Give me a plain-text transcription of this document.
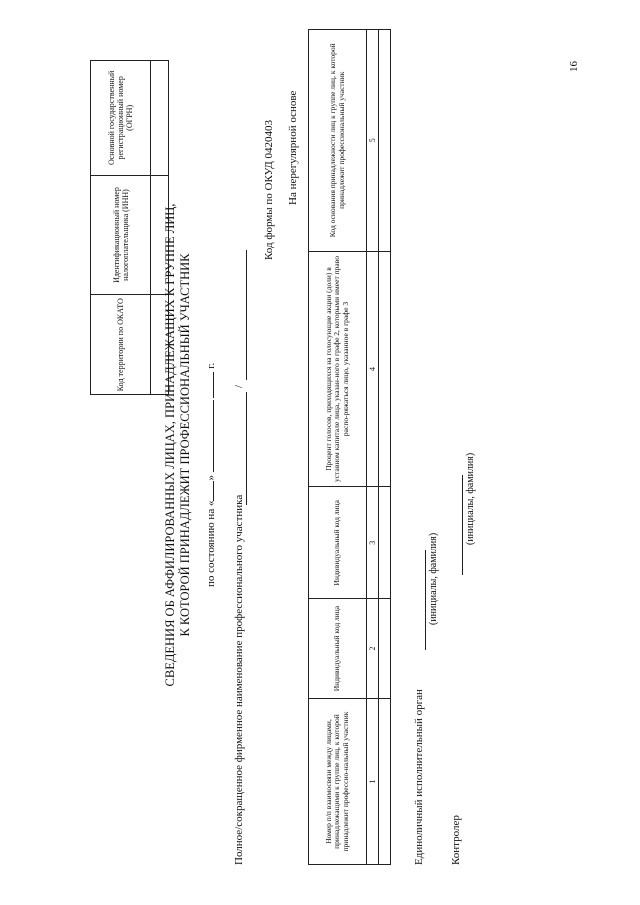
Код территории по ОКАТО	Идентификационный номер налогоплательщика (ИНН)	Основной государственный регистрационный номер (ОГРН)

СВЕДЕНИЯ ОБ АФФИЛИРОВАННЫХ ЛИЦАХ, ПРИНАДЛЕЖАЩИХ К ГРУППЕ ЛИЦ, К КОТОРОЙ ПРИНАДЛЕЖИТ ПРОФЕССИОНАЛЬНЫЙ УЧАСТНИК по состоянию на «»   г.
Полное/сокращенное фирменное наименование профессионального участника
/
Код формы по ОКУД 0420403 На нерегулярной основе
Номер п/п взаимосвязи между лицами, принадлежащими к группе лиц, к которой принадлежит профессио-нальный участник	Индивидуальный код лица	Индивидуальный код лица	Процент голосов, приходящихся на голосующие акции (доли) в уставном капитале лица, указан-ного в графе 2, которыми имеет право распо-ряжаться лицо, указанное в графе 3	Код основания принадлежности лиц к группе лиц, к которой принадлежит профессиональный участник
1	2	3	4	5

Единоличный исполнительный орган
(инициалы, фамилия)
Контролер
(инициалы, фамилия)
16
